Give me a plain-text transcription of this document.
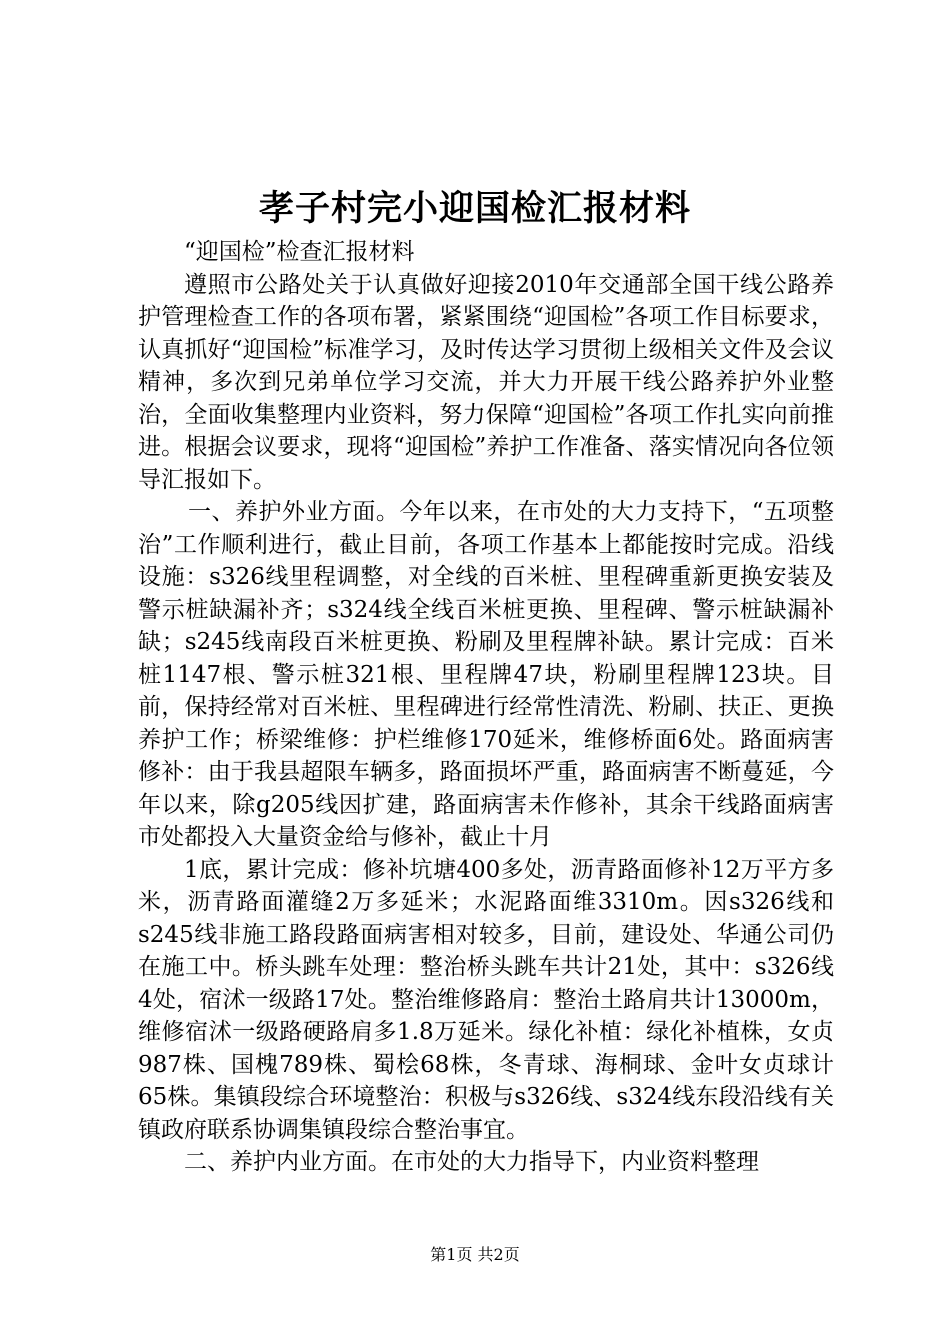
孝子村完小迎国检汇报材料

“迎国检”检查汇报材料

遵照市公路处关于认真做好迎接2010年交通部全国干线公路养护管理检查工作的各项布署，紧紧围绕“迎国检”各项工作目标要求，认真抓好“迎国检”标准学习，及时传达学习贯彻上级相关文件及会议精神，多次到兄弟单位学习交流，并大力开展干线公路养护外业整治，全面收集整理内业资料，努力保障“迎国检”各项工作扎实向前推进。根据会议要求，现将“迎国检”养护工作准备、落实情况向各位领导汇报如下。

一、养护外业方面。今年以来，在市处的大力支持下，“五项整治”工作顺利进行，截止目前，各项工作基本上都能按时完成。沿线设施：s326线里程调整，对全线的百米桩、里程碑重新更换安装及警示桩缺漏补齐；s324线全线百米桩更换、里程碑、警示桩缺漏补缺；s245线南段百米桩更换、粉刷及里程牌补缺。累计完成：百米桩1147根、警示桩321根、里程牌47块，粉刷里程牌123块。目前，保持经常对百米桩、里程碑进行经常性清洗、粉刷、扶正、更换养护工作；桥梁维修：护栏维修170延米，维修桥面6处。路面病害修补：由于我县超限车辆多，路面损坏严重，路面病害不断蔓延，今年以来，除g205线因扩建，路面病害未作修补，其余干线路面病害市处都投入大量资金给与修补，截止十月

1底，累计完成：修补坑塘400多处，沥青路面修补12万平方多米，沥青路面灌缝2万多延米；水泥路面维3310m。因s326线和s245线非施工路段路面病害相对较多，目前，建设处、华通公司仍在施工中。桥头跳车处理：整治桥头跳车共计21处，其中：s326线4处，宿沭一级路17处。整治维修路肩：整治土路肩共计13000m，维修宿沭一级路硬路肩多1.8万延米。绿化补植：绿化补植株，女贞987株、国槐789株、蜀桧68株，冬青球、海桐球、金叶女贞球计65株。集镇段综合环境整治：积极与s326线、s324线东段沿线有关镇政府联系协调集镇段综合整治事宜。

二、养护内业方面。在市处的大力指导下，内业资料整理

第1页 共2页
